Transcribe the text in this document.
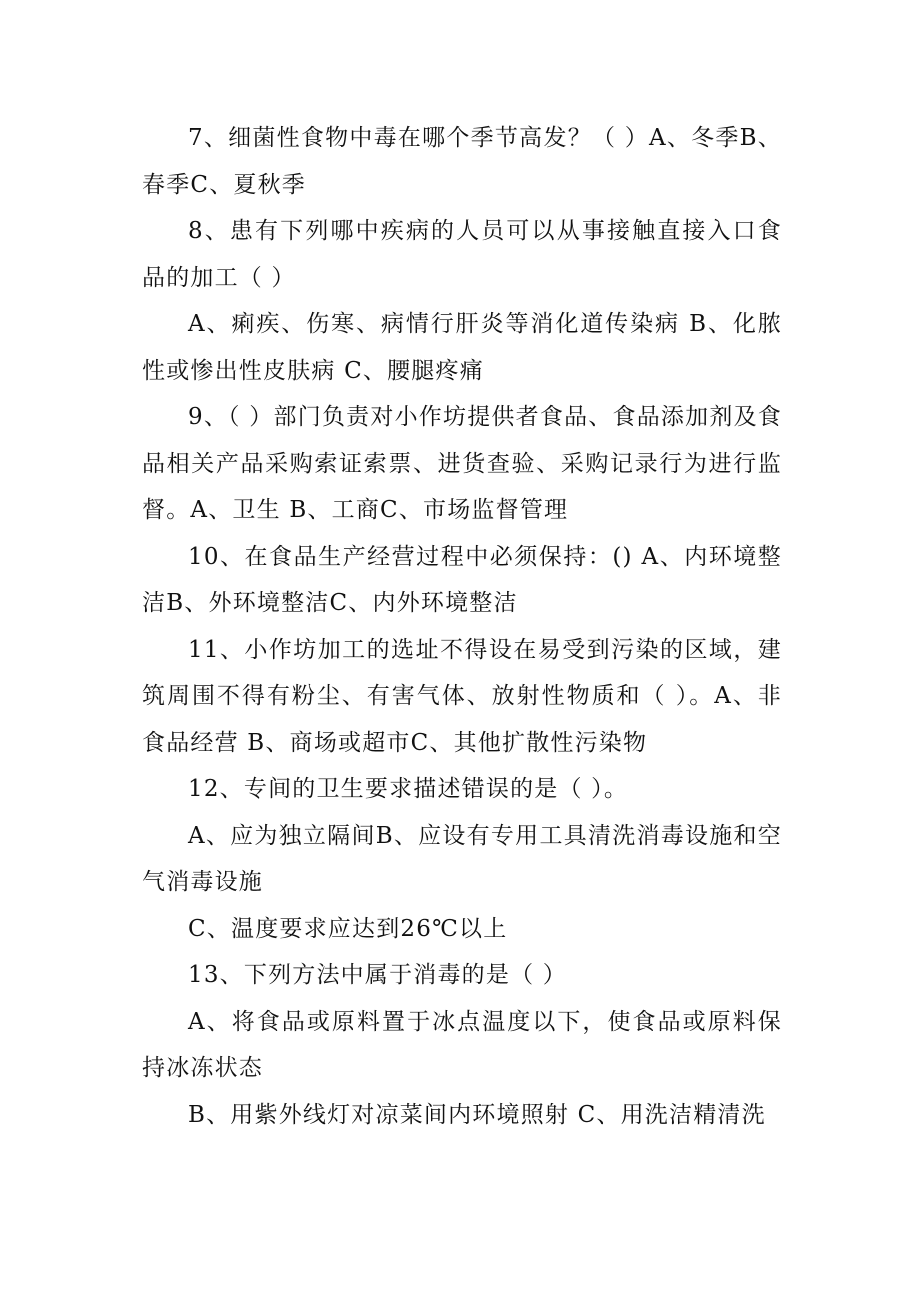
7、细菌性食物中毒在哪个季节高发？（ ）A、冬季B、春季C、夏秋季

8、患有下列哪中疾病的人员可以从事接触直接入口食品的加工（ ）

A、痢疾、伤寒、病情行肝炎等消化道传染病 B、化脓性或惨出性皮肤病 C、腰腿疼痛

9、（ ）部门负责对小作坊提供者食品、食品添加剂及食品相关产品采购索证索票、进货查验、采购记录行为进行监督。A、卫生 B、工商C、市场监督管理

10、在食品生产经营过程中必须保持：() A、内环境整洁B、外环境整洁C、内外环境整洁

11、小作坊加工的选址不得设在易受到污染的区域，建筑周围不得有粉尘、有害气体、放射性物质和（ ）。A、非食品经营 B、商场或超市C、其他扩散性污染物

12、专间的卫生要求描述错误的是（ ）。

A、应为独立隔间B、应设有专用工具清洗消毒设施和空气消毒设施

C、温度要求应达到26℃以上

13、下列方法中属于消毒的是（ ）

A、将食品或原料置于冰点温度以下，使食品或原料保持冰冻状态

B、用紫外线灯对凉菜间内环境照射 C、用洗洁精清洗
